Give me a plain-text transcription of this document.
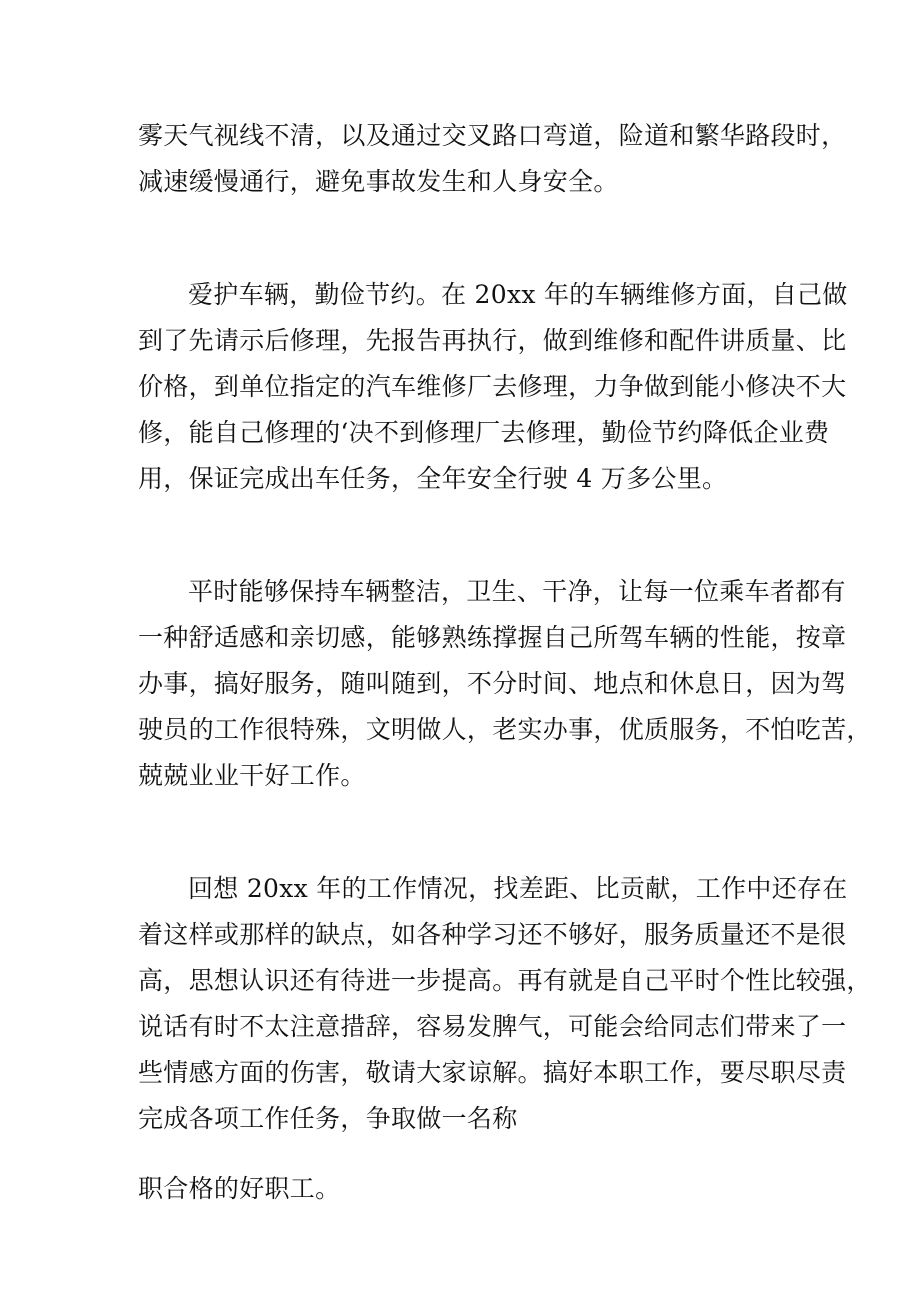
雾天气视线不清，以及通过交叉路口弯道，险道和繁华路段时，
减速缓慢通行，避免事故发生和人身安全。
爱护车辆，勤俭节约。在 20xx 年的车辆维修方面，自己做
到了先请示后修理，先报告再执行，做到维修和配件讲质量、比
价格，到单位指定的汽车维修厂去修理，力争做到能小修决不大
修，能自己修理的‘决不到修理厂去修理，勤俭节约降低企业费
用，保证完成出车任务，全年安全行驶 4 万多公里。
平时能够保持车辆整洁，卫生、干净，让每一位乘车者都有
一种舒适感和亲切感，能够熟练撑握自己所驾车辆的性能，按章
办事，搞好服务，随叫随到，不分时间、地点和休息日，因为驾
驶员的工作很特殊，文明做人，老实办事，优质服务，不怕吃苦，
兢兢业业干好工作。
回想 20xx 年的工作情况，找差距、比贡献，工作中还存在
着这样或那样的缺点，如各种学习还不够好，服务质量还不是很
高，思想认识还有待进一步提高。再有就是自己平时个性比较强，
说话有时不太注意措辞，容易发脾气，可能会给同志们带来了一
些情感方面的伤害，敬请大家谅解。搞好本职工作，要尽职尽责
完成各项工作任务，争取做一名称
职合格的好职工。
